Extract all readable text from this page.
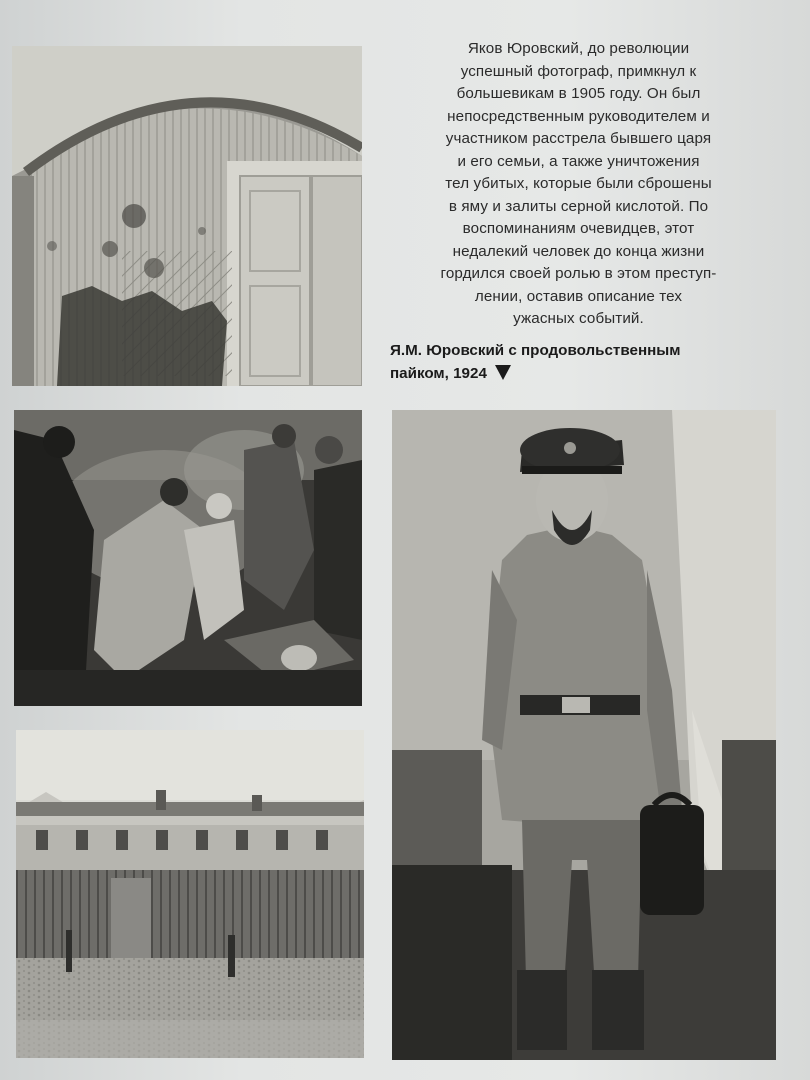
Яков Юровский, до революции
успешный фотограф, примкнул к
большевикам в 1905 году. Он был
непосредственным руководителем и
участником расстрела бывшего царя
и его семьи, а также уничтожения
тел убитых, которые были сброшены
в яму и залиты серной кислотой. По
воспоминаниям очевидцев, этот
недалекий человек до конца жизни
гордился своей ролью в этом преступ-
лении, оставив описание тех
ужасных событий.
Я.М. Юровский с продовольственным
пайком, 1924
